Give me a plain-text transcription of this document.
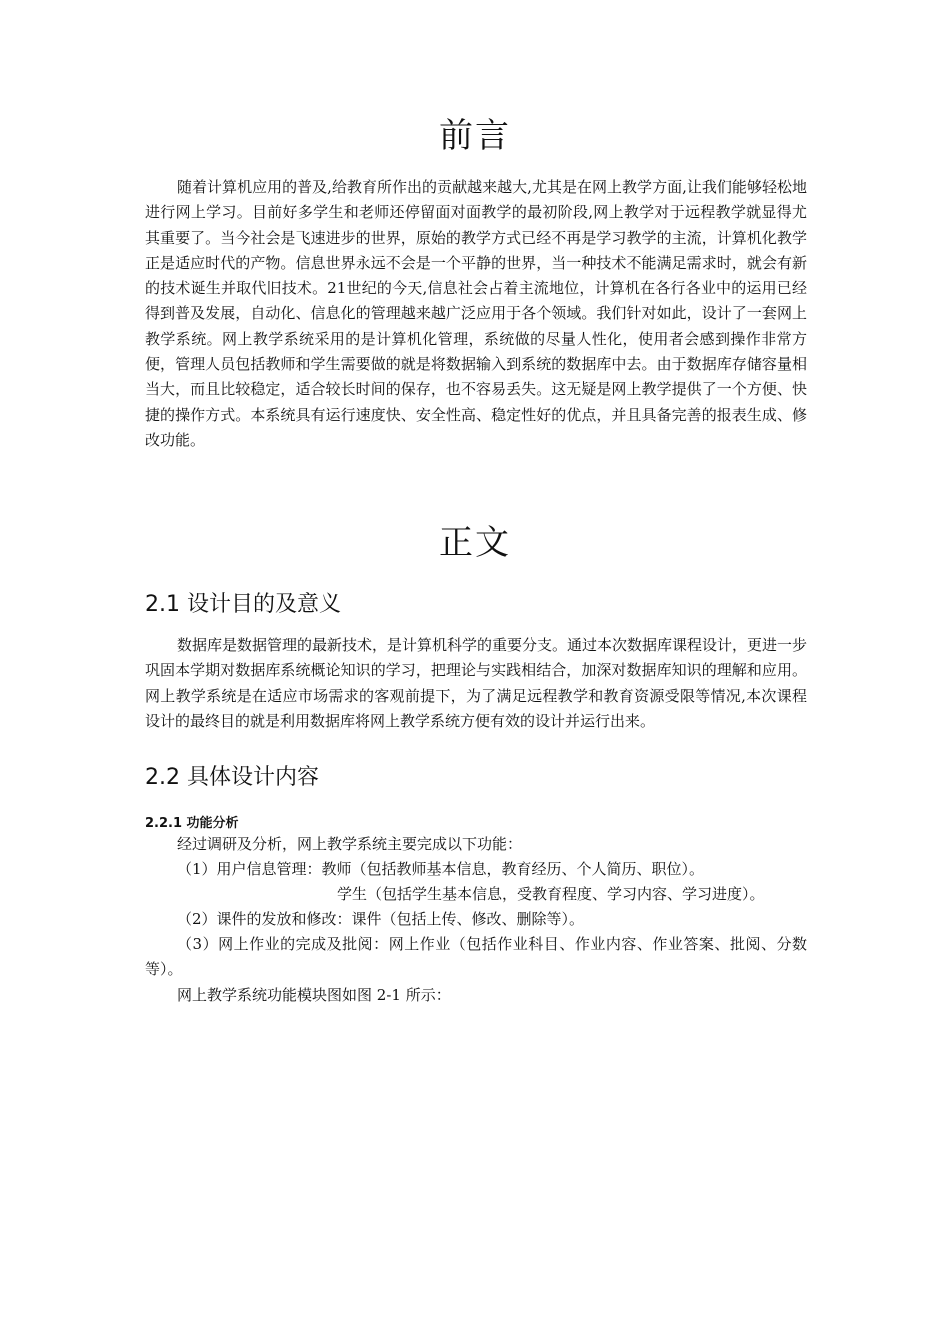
前言

随着计算机应用的普及,给教育所作出的贡献越来越大,尤其是在网上教学方面,让我们能够轻松地进行网上学习。目前好多学生和老师还停留面对面教学的最初阶段,网上教学对于远程教学就显得尤其重要了。当今社会是飞速进步的世界，原始的教学方式已经不再是学习教学的主流，计算机化教学正是适应时代的产物。信息世界永远不会是一个平静的世界，当一种技术不能满足需求时，就会有新的技术诞生并取代旧技术。21世纪的今天,信息社会占着主流地位，计算机在各行各业中的运用已经得到普及发展，自动化、信息化的管理越来越广泛应用于各个领域。我们针对如此，设计了一套网上教学系统。网上教学系统采用的是计算机化管理，系统做的尽量人性化，使用者会感到操作非常方便，管理人员包括教师和学生需要做的就是将数据输入到系统的数据库中去。由于数据库存储容量相当大，而且比较稳定，适合较长时间的保存，也不容易丢失。这无疑是网上教学提供了一个方便、快捷的操作方式。本系统具有运行速度快、安全性高、稳定性好的优点，并且具备完善的报表生成、修改功能。

正文
2.1 设计目的及意义

数据库是数据管理的最新技术，是计算机科学的重要分支。通过本次数据库课程设计，更进一步巩固本学期对数据库系统概论知识的学习，把理论与实践相结合，加深对数据库知识的理解和应用。网上教学系统是在适应市场需求的客观前提下，为了满足远程教学和教育资源受限等情况,本次课程设计的最终目的就是利用数据库将网上教学系统方便有效的设计并运行出来。

2.2 具体设计内容
2.2.1 功能分析

经过调研及分析，网上教学系统主要完成以下功能：

（1）用户信息管理：教师（包括教师基本信息，教育经历、个人简历、职位）。

学生（包括学生基本信息，受教育程度、学习内容、学习进度）。

（2）课件的发放和修改：课件（包括上传、修改、删除等）。

（3）网上作业的完成及批阅：网上作业（包括作业科目、作业内容、作业答案、批阅、分数等）。

网上教学系统功能模块图如图 2-1 所示：
